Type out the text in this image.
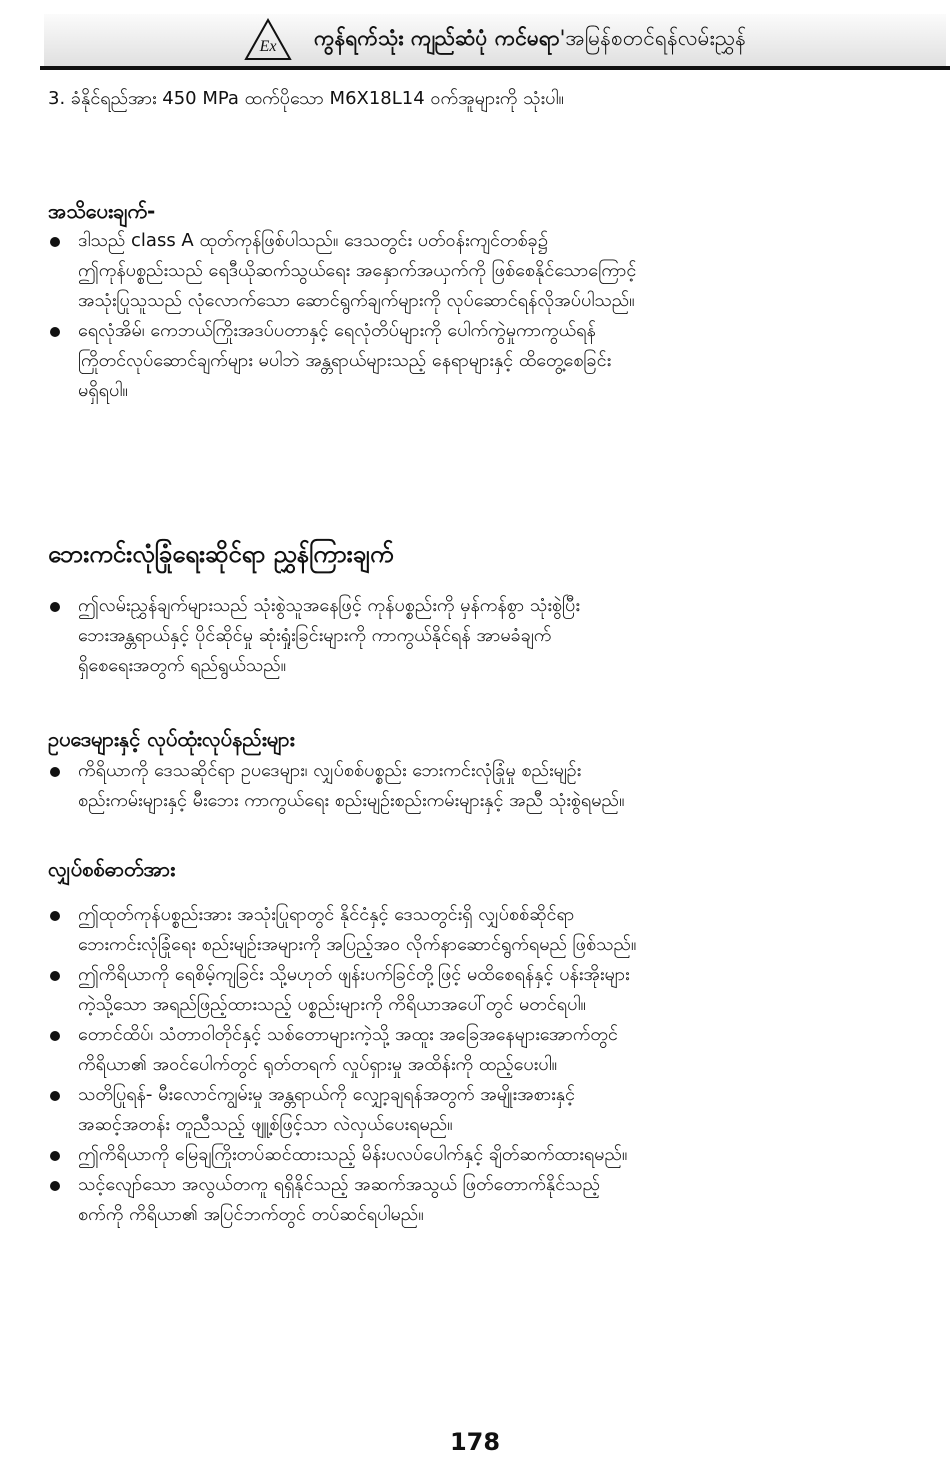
Ex ကွန်ရက်သုံး ကျည်ဆံပုံ ကင်မရာ'အမြန်စတင်ရန်လမ်းညွှန်

3. ခံနိုင်ရည်အား 450 MPa ထက်ပိုသော M6X18L14 ဝက်အူများကို သုံးပါ။

အသိပေးချက်-

ဒါသည် class A ထုတ်ကုန်ဖြစ်ပါသည်။ ဒေသတွင်း ပတ်ဝန်းကျင်တစ်ခု၌
ဤကုန်ပစ္စည်းသည် ရေဒီယိုဆက်သွယ်ရေး အနှောက်အယှက်ကို ဖြစ်စေနိုင်သောကြောင့်
အသုံးပြုသူသည် လုံလောက်သော ဆောင်ရွက်ချက်များကို လုပ်ဆောင်ရန်လိုအပ်ပါသည်။
ရေလုံအိမ်၊ ကေဘယ်ကြိုးအဒပ်ပတာနှင့် ရေလုံတိပ်များကို ပေါက်ကွဲမှုကာကွယ်ရန်
ကြိုတင်လုပ်ဆောင်ချက်များ မပါဘဲ အန္တရာယ်များသည့် နေရာများနှင့် ထိတွေ့စေခြင်း
မရှိရပါ။

ဘေးကင်းလုံခြုံရေးဆိုင်ရာ ညွှန်ကြားချက်

ဤလမ်းညွှန်ချက်များသည် သုံးစွဲသူအနေဖြင့် ကုန်ပစ္စည်းကို မှန်ကန်စွာ သုံးစွဲပြီး
ဘေးအန္တရာယ်နှင့် ပိုင်ဆိုင်မှု ဆုံးရှုံးခြင်းများကို ကာကွယ်နိုင်ရန် အာမခံချက်
ရှိစေရေးအတွက် ရည်ရွယ်သည်။

ဥပဒေများနှင့် လုပ်ထုံးလုပ်နည်းများ

ကိရိယာကို ဒေသဆိုင်ရာ ဥပဒေများ၊ လျှပ်စစ်ပစ္စည်း ဘေးကင်းလုံခြုံမှု စည်းမျဉ်း
စည်းကမ်းများနှင့် မီးဘေး ကာကွယ်ရေး စည်းမျဉ်းစည်းကမ်းများနှင့် အညီ သုံးစွဲရမည်။

လျှပ်စစ်ဓာတ်အား

ဤထုတ်ကုန်ပစ္စည်းအား အသုံးပြုရာတွင် နိုင်ငံနှင့် ဒေသတွင်းရှိ လျှပ်စစ်ဆိုင်ရာ
ဘေးကင်းလုံခြုံရေး စည်းမျဉ်းအများကို အပြည့်အဝ လိုက်နာဆောင်ရွက်ရမည် ဖြစ်သည်။
ဤကိရိယာကို ရေစိမ့်ကျခြင်း သို့မဟုတ် ဖျန်းပက်ခြင်တို့ဖြင့် မထိစေရန်နှင့် ပန်းအိုးများ
ကဲ့သို့သော အရည်ဖြည့်ထားသည့် ပစ္စည်းများကို ကိရိယာအပေါ်တွင် မတင်ရပါ။
တောင်ထိပ်၊ သံတာဝါတိုင်နှင့် သစ်တောများကဲ့သို့ အထူး အခြေအနေများအောက်တွင်
ကိရိယာ၏ အဝင်ပေါက်တွင် ရုတ်တရက် လှုပ်ရှားမှု အထိန်းကို ထည့်ပေးပါ။
သတိပြုရန်- မီးလောင်ကျွမ်းမှု အန္တရာယ်ကို လျှော့ချရန်အတွက် အမျိုးအစားနှင့်
အဆင့်အတန်း တူညီသည့် ဖျူ့စ်ဖြင့်သာ လဲလှယ်ပေးရမည်။
ဤကိရိယာကို မြေချကြိုးတပ်ဆင်ထားသည့် မိန်းပလပ်ပေါက်နှင့် ချိတ်ဆက်ထားရမည်။
သင့်လျော်သော အလွယ်တကူ ရရှိနိုင်သည့် အဆက်အသွယ် ဖြတ်တောက်နိုင်သည့်
စက်ကို ကိရိယာ၏ အပြင်ဘက်တွင် တပ်ဆင်ရပါမည်။
178
